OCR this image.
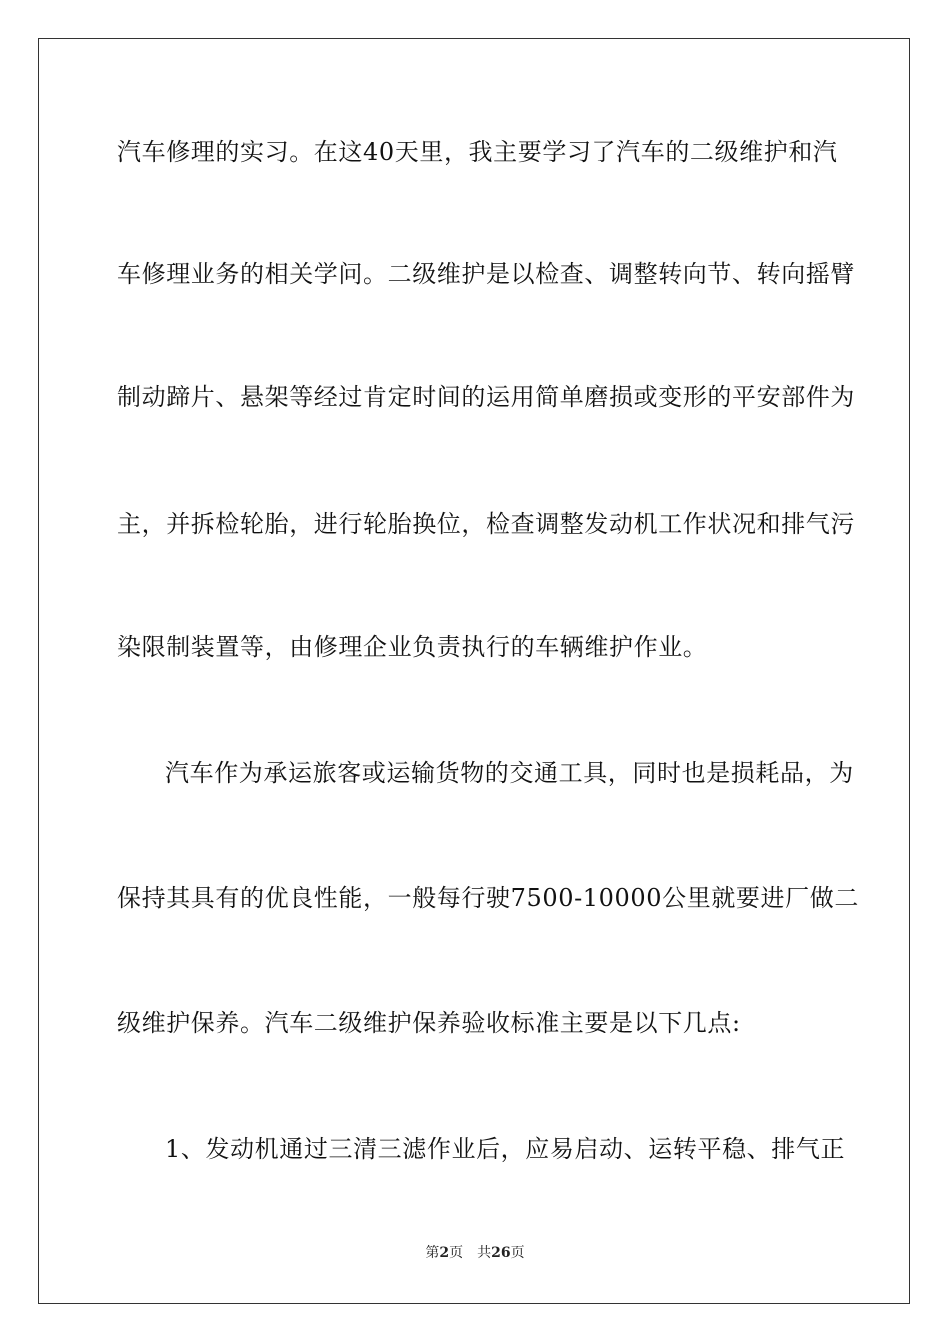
汽车修理的实习。在这40天里，我主要学习了汽车的二级维护和汽
车修理业务的相关学问。二级维护是以检查、调整转向节、转向摇臂
制动蹄片、悬架等经过肯定时间的运用简单磨损或变形的平安部件为
主，并拆检轮胎，进行轮胎换位，检查调整发动机工作状况和排气污
染限制装置等，由修理企业负责执行的车辆维护作业。
汽车作为承运旅客或运输货物的交通工具，同时也是损耗品，为
保持其具有的优良性能，一般每行驶7500-10000公里就要进厂做二
级维护保养。汽车二级维护保养验收标准主要是以下几点:
1、发动机通过三清三滤作业后，应易启动、运转平稳、排气正
第2页 共26页
